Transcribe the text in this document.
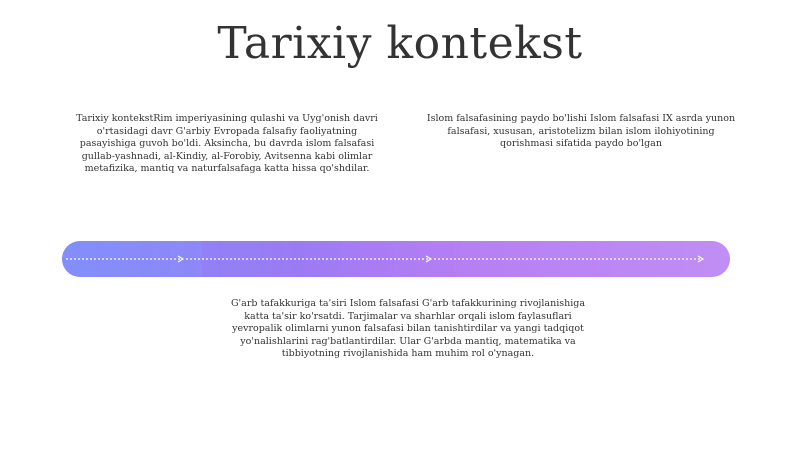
Tarixiy kontekst
Tarixiy kontekstRim imperiyasining qulashi va Uyg'onish davri o'rtasidagi davr G'arbiy Evropada falsafiy faoliyatning pasayishiga guvoh bo'ldi. Aksincha, bu davrda islom falsafasi gullab-yashnadi, al-Kindiy, al-Forobiy, Avitsenna kabi olimlar metafizika, mantiq va naturfalsafaga katta hissa qo'shdilar.
Islom falsafasining paydo bo'lishi Islom falsafasi IX asrda yunon falsafasi, xususan, aristotelizm bilan islom ilohiyotining qorishmasi sifatida paydo bo'lgan
G'arb tafakkuriga ta'siri Islom falsafasi G'arb tafakkurining rivojlanishiga katta ta'sir ko'rsatdi. Tarjimalar va sharhlar orqali islom faylasuflari yevropalik olimlarni yunon falsafasi bilan tanishtirdilar va yangi tadqiqot yo'nalishlarini rag'batlantirdilar. Ular G'arbda mantiq, matematika va tibbiyotning rivojlanishida ham muhim rol o'ynagan.
